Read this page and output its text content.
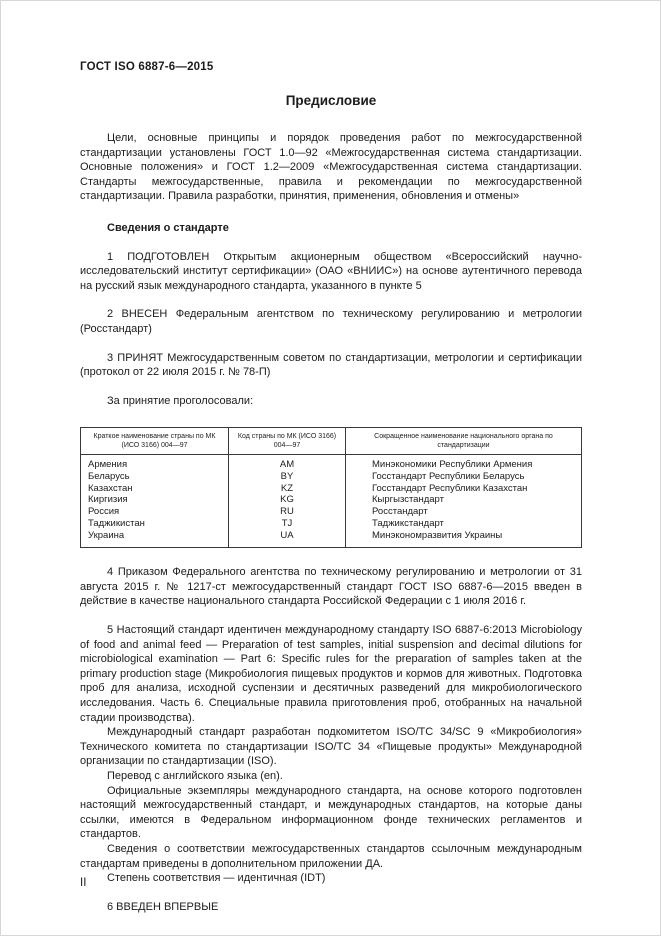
ГОСТ ISO 6887-6—2015
Предисловие

Цели, основные принципы и порядок проведения работ по межгосударственной стандартизации установлены ГОСТ 1.0—92 «Межгосударственная система стандартизации. Основные положения» и ГОСТ 1.2—2009 «Межгосударственная система стандартизации. Стандарты межгосударственные, правила и рекомендации по межгосударственной стандартизации. Правила разработки, принятия, применения, обновления и отмены»

Сведения о стандарте

1 ПОДГОТОВЛЕН Открытым акционерным обществом «Всероссийский научно-исследовательский институт сертификации» (ОАО «ВНИИС») на основе аутентичного перевода на русский язык международного стандарта, указанного в пункте 5

2 ВНЕСЕН Федеральным агентством по техническому регулированию и метрологии (Росстандарт)

3 ПРИНЯТ Межгосударственным советом по стандартизации, метрологии и сертификации (протокол от 22 июля 2015 г. № 78-П)

За принятие проголосовали:

Краткое наименование страны по МК (ИСО 3166) 004—97	Код страны по МК (ИСО 3166) 004—97	Сокращенное наименование национального органа по стандартизации
Армения	AM	Минэкономики Республики Армения
Беларусь	BY	Госстандарт Республики Беларусь
Казахстан	KZ	Госстандарт Республики Казахстан
Киргизия	KG	Кыргызстандарт
Россия	RU	Росстандарт
Таджикистан	TJ	Таджикстандарт
Украина	UA	Минэкономразвития Украины

4 Приказом Федерального агентства по техническому регулированию и метрологии от 31 августа 2015 г. № 1217-ст межгосударственный стандарт ГОСТ ISO 6887-6—2015 введен в действие в качестве национального стандарта Российской Федерации с 1 июля 2016 г.

5 Настоящий стандарт идентичен международному стандарту ISO 6887-6:2013 Microbiology of food and animal feed — Preparation of test samples, initial suspension and decimal dilutions for microbiological examination — Part 6: Specific rules for the preparation of samples taken at the primary production stage (Микробиология пищевых продуктов и кормов для животных. Подготовка проб для анализа, исходной суспензии и десятичных разведений для микробиологического исследования. Часть 6. Специальные правила приготовления проб, отобранных на начальной стадии производства).

Международный стандарт разработан подкомитетом ISO/ТС 34/SC 9 «Микробиология» Технического комитета по стандартизации ISO/ТС 34 «Пищевые продукты» Международной организации по стандартизации (ISO).

Перевод с английского языка (en).

Официальные экземпляры международного стандарта, на основе которого подготовлен настоящий межгосударственный стандарт, и международных стандартов, на которые даны ссылки, имеются в Федеральном информационном фонде технических регламентов и стандартов.

Сведения о соответствии межгосударственных стандартов ссылочным международным стандартам приведены в дополнительном приложении ДА.

Степень соответствия — идентичная (IDT)

6 ВВЕДЕН ВПЕРВЫЕ

II
